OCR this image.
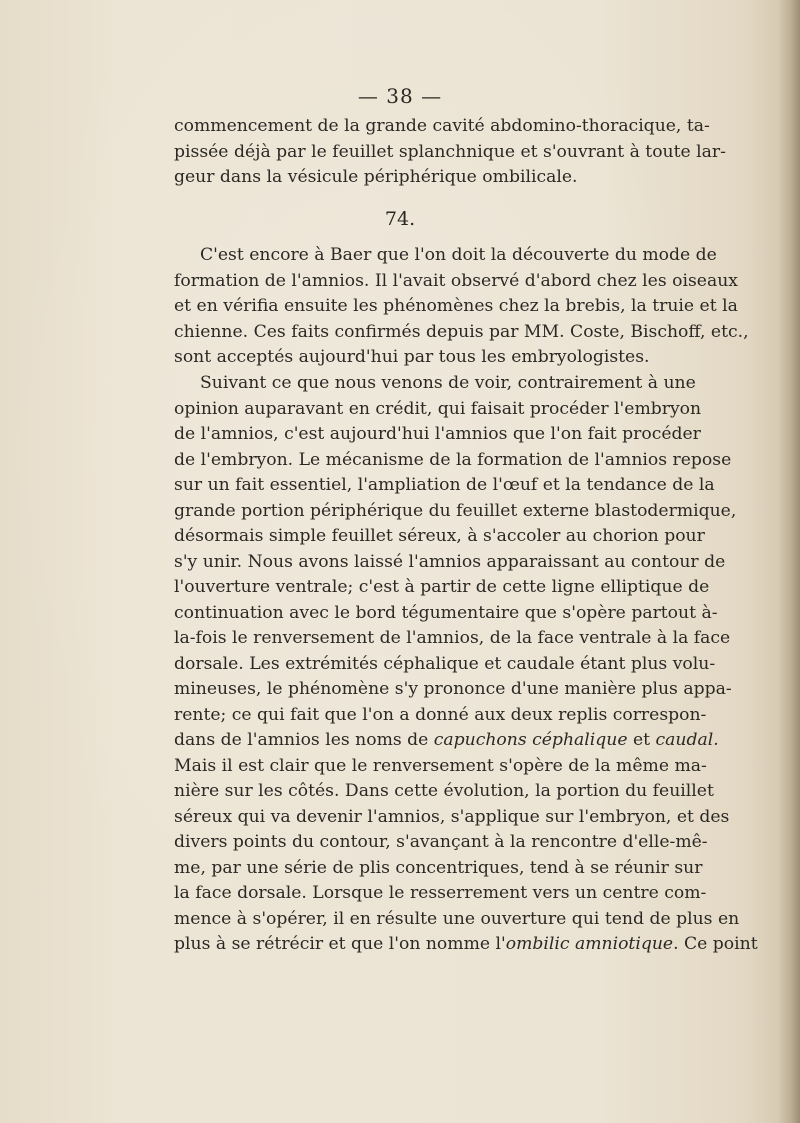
— 38 —
commencement de la grande cavité abdomino-thoracique, ta-
pissée déjà par le feuillet splanchnique et s'ouvrant à toute lar-
geur dans la vésicule périphérique ombilicale.
74.
C'est encore à Baer que l'on doit la découverte du mode de
formation de l'amnios. Il l'avait observé d'abord chez les oiseaux
et en vérifia ensuite les phénomènes chez la brebis, la truie et la
chienne. Ces faits confirmés depuis par MM. Coste, Bischoff, etc.,
sont acceptés aujourd'hui par tous les embryologistes.
Suivant ce que nous venons de voir, contrairement à une
opinion auparavant en crédit, qui faisait procéder l'embryon
de l'amnios, c'est aujourd'hui l'amnios que l'on fait procéder
de l'embryon. Le mécanisme de la formation de l'amnios repose
sur un fait essentiel, l'ampliation de l'œuf et la tendance de la
grande portion périphérique du feuillet externe blastodermique,
désormais simple feuillet séreux, à s'accoler au chorion pour
s'y unir. Nous avons laissé l'amnios apparaissant au contour de
l'ouverture ventrale; c'est à partir de cette ligne elliptique de
continuation avec le bord tégumentaire que s'opère partout à-
la-fois le renversement de l'amnios, de la face ventrale à la face
dorsale. Les extrémités céphalique et caudale étant plus volu-
mineuses, le phénomène s'y prononce d'une manière plus appa-
rente; ce qui fait que l'on a donné aux deux replis correspon-
dans de l'amnios les noms de capuchons céphalique et caudal.
Mais il est clair que le renversement s'opère de la même ma-
nière sur les côtés. Dans cette évolution, la portion du feuillet
séreux qui va devenir l'amnios, s'applique sur l'embryon, et des
divers points du contour, s'avançant à la rencontre d'elle-mê-
me, par une série de plis concentriques, tend à se réunir sur
la face dorsale. Lorsque le resserrement vers un centre com-
mence à s'opérer, il en résulte une ouverture qui tend de plus en
plus à se rétrécir et que l'on nomme l'ombilic amniotique. Ce point
